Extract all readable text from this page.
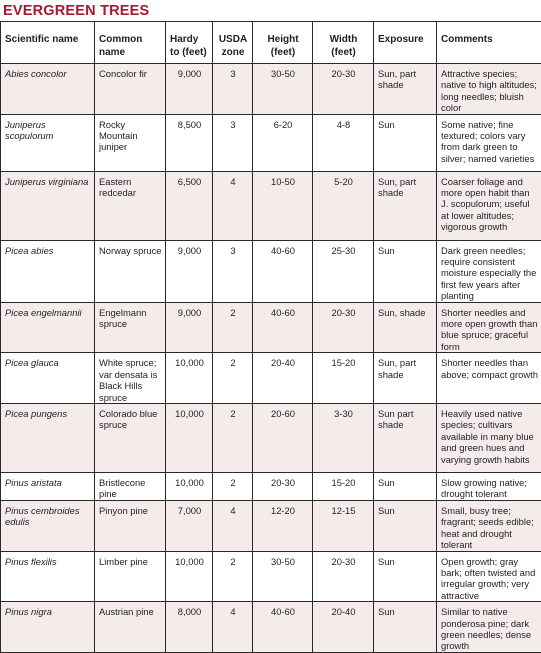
EVERGREEN TREES
Scientific name	Common name	Hardy to (feet)	USDA zone	Height (feet)	Width (feet)	Exposure	Comments
Abies concolor	Concolor fir	9,000	3	30-50	20-30	Sun, part shade	Attractive species; native to high altitudes; long needles; bluish color
Juniperus scopulorum	Rocky Mountain juniper	8,500	3	6-20	4-8	Sun	Some native; fine textured; colors vary from dark green to silver; named varieties
Juniperus virginiana	Eastern redcedar	6,500	4	10-50	5-20	Sun, part shade	Coarser foliage and more open habit than J. scopulorum; useful at lower altitudes; vigorous growth
Picea abies	Norway spruce	9,000	3	40-60	25-30	Sun	Dark green needles; require consistent moisture especially the first few years after planting
Picea engelmannii	Engelmann spruce	9,000	2	40-60	20-30	Sun, shade	Shorter needles and more open growth than blue spruce; graceful form
Picea glauca	White spruce; var densata is Black Hills spruce	10,000	2	20-40	15-20	Sun, part shade	Shorter needles than above; compact growth
Picea pungens	Colorado blue spruce	10,000	2	20-60	3-30	Sun part shade	Heavily used native species; cultivars available in many blue and green hues and varying growth habits
Pinus aristata	Bristlecone pine	10,000	2	20-30	15-20	Sun	Slow growing native; drought tolerant
Pinus cembroides edulis	Pinyon pine	7,000	4	12-20	12-15	Sun	Small, busy tree; fragrant; seeds edible; heat and drought tolerant
Pinus flexilis	Limber pine	10,000	2	30-50	20-30	Sun	Open growth; gray bark; often twisted and irregular growth; very attractive
Pinus nigra	Austrian pine	8,000	4	40-60	20-40	Sun	Similar to native ponderosa pine; dark green needles; dense growth
